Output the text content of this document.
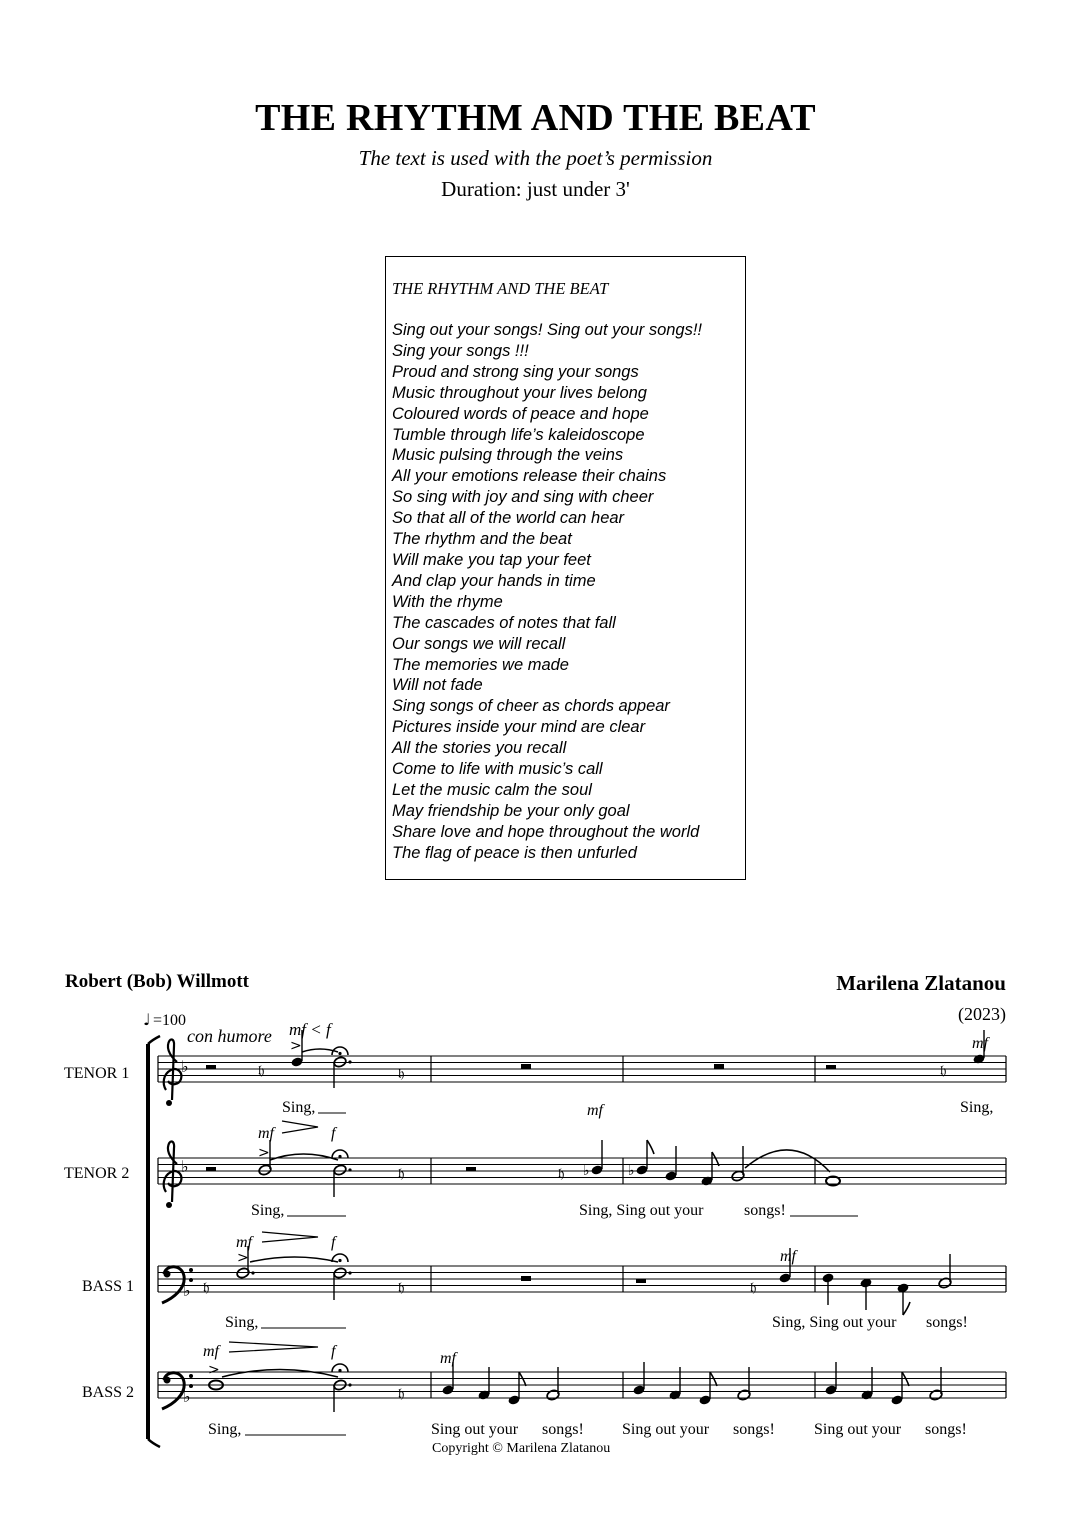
THE RHYTHM AND THE BEAT
The text is used with the poet’s permission
Duration: just under 3'
THE RHYTHM AND THE BEAT
Sing out your songs! Sing out your songs!!
Sing your songs !!!
Proud and strong sing your songs
Music throughout your lives belong
Coloured words of peace and hope
Tumble through life’s kaleidoscope
Music pulsing through the veins
All your emotions release their chains
So sing with joy and sing with cheer
So that all of the world can hear
The rhythm and the beat
Will make you tap your feet
And clap your hands in time
With the rhyme
The cascades of notes that fall
Our songs we will recall
The memories we made
Will not fade
Sing songs of cheer as chords appear
Pictures inside your mind are clear
All the stories you recall
Come to life with music’s call
Let the music calm the soul
May friendship be your only goal
Share love and hope throughout the world
The flag of peace is then unfurled
Robert (Bob) Willmott	Marilena Zlatanou
(2023)
Copyright © Marilena Zlatanou
♩ =100
con humore
TENOR 1	♭	𝔥
>
mf < f
𝔥	𝔥
mf
Sing,	mf	Sing,
TENOR 2	♭
>
mf	f
𝔥	𝔥 ♭	♭
Sing,	Sing, Sing out your	songs!
BASS 1	♭ 𝔥
>
mf	f
𝔥	𝔥
mf
Sing,	Sing, Sing out your songs!
BASS 2	♭
>
mf	f
𝔥
mf
Sing,	Sing out your songs! Sing out your songs! Sing out your songs!
